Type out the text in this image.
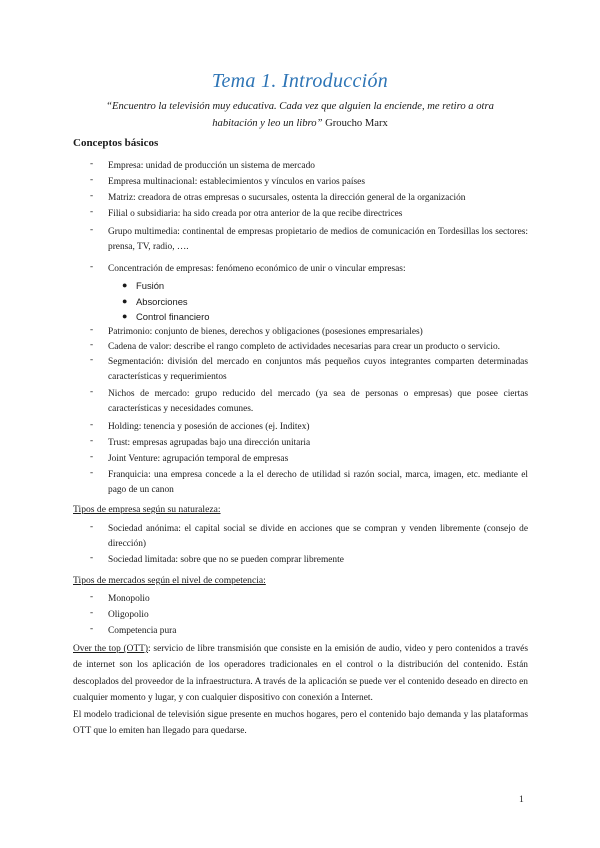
Tema 1. Introducción
“Encuentro la televisión muy educativa. Cada vez que alguien la enciende, me retiro a otra habitación y leo un libro” Groucho Marx
Conceptos básicos
- Empresa: unidad de producción un sistema de mercado
- Empresa multinacional: establecimientos y vínculos en varios países
- Matriz: creadora de otras empresas o sucursales, ostenta la dirección general de la organización
- Filial o subsidiaria: ha sido creada por otra anterior de la que recibe directrices
- Grupo multimedia: continental de empresas propietario de medios de comunicación en Tordesillas los sectores: prensa, TV, radio, ….
- Concentración de empresas: fenómeno económico de unir o vincular empresas:
● Fusión
● Absorciones
● Control financiero
- Patrimonio: conjunto de bienes, derechos y obligaciones (posesiones empresariales)
- Cadena de valor: describe el rango completo de actividades necesarias para crear un producto o servicio.
- Segmentación: división del mercado en conjuntos más pequeños cuyos integrantes comparten determinadas características y requerimientos
- Nichos de mercado: grupo reducido del mercado (ya sea de personas o empresas) que posee ciertas características y necesidades comunes.
- Holding: tenencia y posesión de acciones (ej. Inditex)
- Trust: empresas agrupadas bajo una dirección unitaria
- Joint Venture: agrupación temporal de empresas
- Franquicia: una empresa concede a la el derecho de utilidad si razón social, marca, imagen, etc. mediante el pago de un canon
Tipos de empresa según su naturaleza:
- Sociedad anónima: el capital social se divide en acciones que se compran y venden libremente (consejo de dirección)
- Sociedad limitada: sobre que no se pueden comprar libremente
Tipos de mercados según el nivel de competencia:
- Monopolio
- Oligopolio
- Competencia pura
Over the top (OTT): servicio de libre transmisión que consiste en la emisión de audio, video y pero contenidos a través de internet son los aplicación de los operadores tradicionales en el control o la distribución del contenido. Están descoplados del proveedor de la infraestructura. A través de la aplicación se puede ver el contenido deseado en directo en cualquier momento y lugar, y con cualquier dispositivo con conexión a Internet.
El modelo tradicional de televisión sigue presente en muchos hogares, pero el contenido bajo demanda y las plataformas OTT que lo emiten han llegado para quedarse.
1
